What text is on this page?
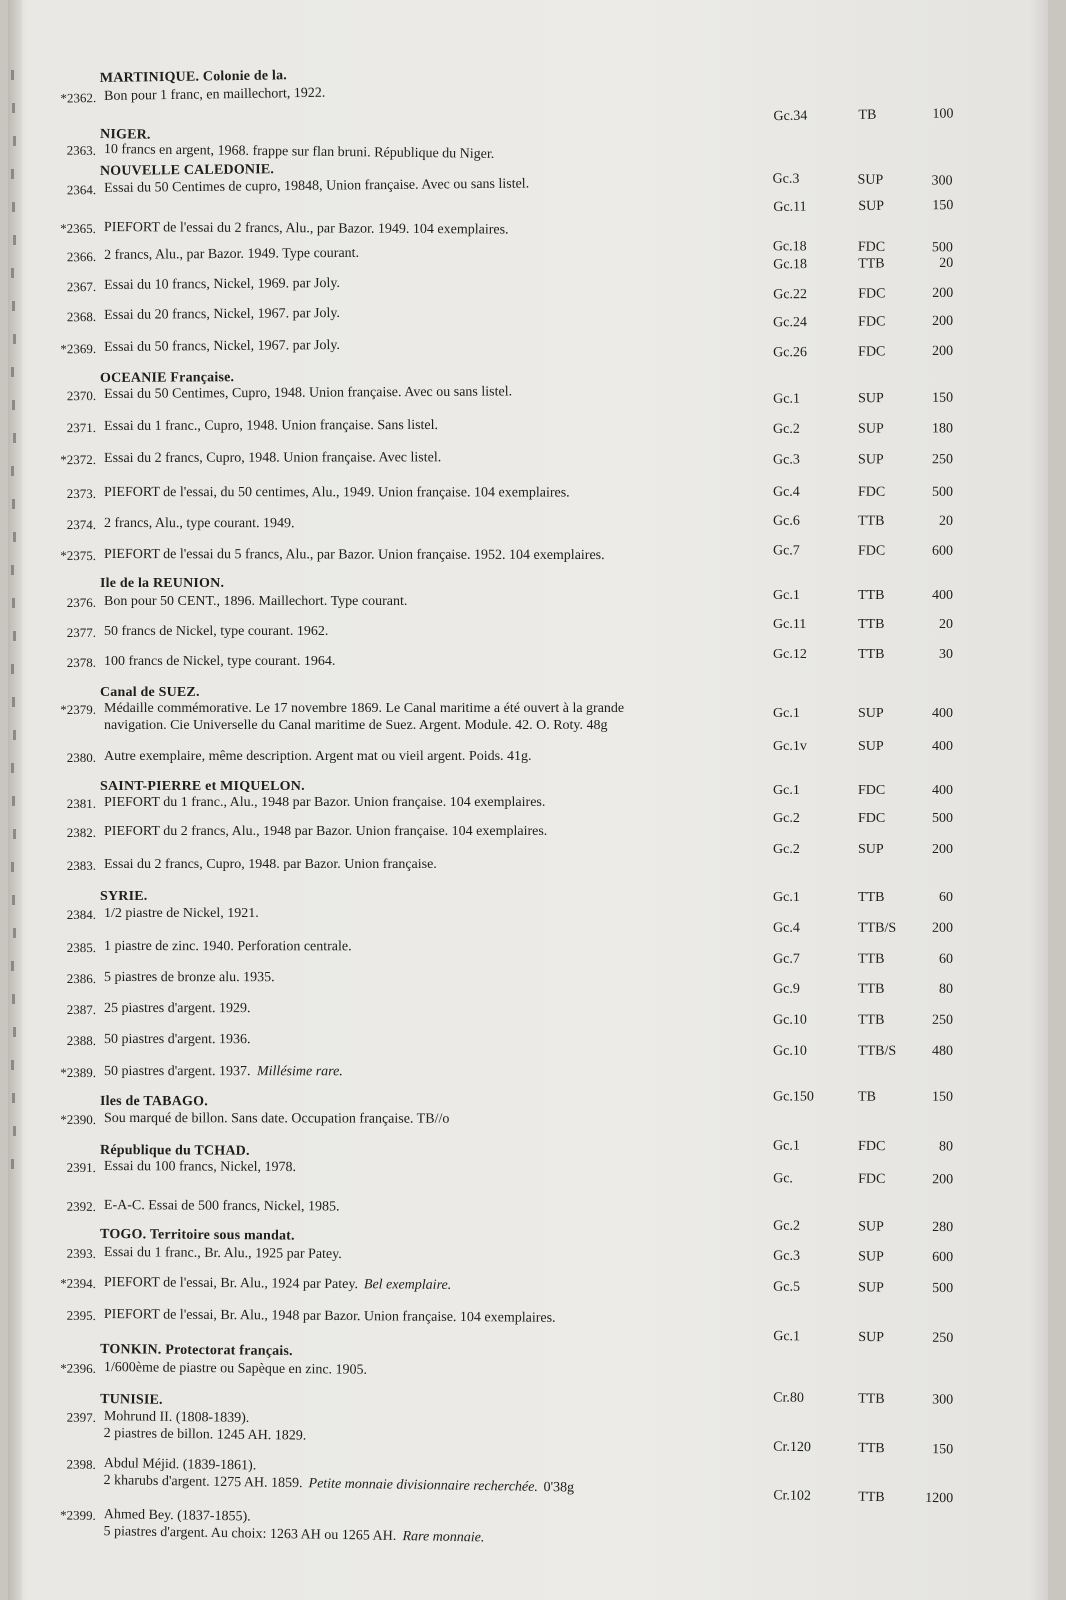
MARTINIQUE. Colonie de la.
*2362. Bon pour 1 franc, en maillechort, 1922.
Gc.34	TB	100
NIGER.
2363. 10 francs en argent, 1968. frappe sur flan bruni. République du Niger.
Gc.3	SUP	300
NOUVELLE CALEDONIE.
2364. Essai du 50 Centimes de cupro, 19848, Union française. Avec ou sans listel.
Gc.11	SUP	150
*2365. PIEFORT de l'essai du 2 francs, Alu., par Bazor. 1949. 104 exemplaires.
Gc.18	FDC	500
2366. 2 francs, Alu., par Bazor. 1949. Type courant.
Gc.18	TTB	20
2367. Essai du 10 francs, Nickel, 1969. par Joly.
Gc.22	FDC	200
2368. Essai du 20 francs, Nickel, 1967. par Joly.	Gc.24	FDC	200
*2369. Essai du 50 francs, Nickel, 1967. par Joly.	Gc.26	FDC	200
OCEANIE Française.
2370. Essai du 50 Centimes, Cupro, 1948. Union française. Avec ou sans listel.	Gc.1	SUP	150
2371. Essai du 1 franc., Cupro, 1948. Union française. Sans listel.	Gc.2	SUP	180
*2372. Essai du 2 francs, Cupro, 1948. Union française. Avec listel.	Gc.3	SUP	250
2373. PIEFORT de l'essai, du 50 centimes, Alu., 1949. Union française. 104 exemplaires.	Gc.4	FDC	500
2374. 2 francs, Alu., type courant. 1949.	Gc.6	TTB	20
*2375. PIEFORT de l'essai du 5 francs, Alu., par Bazor. Union française. 1952. 104 exemplaires.	Gc.7	FDC	600
Ile de la REUNION.
2376. Bon pour 50 CENT., 1896. Maillechort. Type courant.	Gc.1	TTB	400
2377. 50 francs de Nickel, type courant. 1962.	Gc.11	TTB	20
2378. 100 francs de Nickel, type courant. 1964.	Gc.12	TTB	30
Canal de SUEZ.
*2379. Médaille commémorative. Le 17 novembre 1869. Le Canal maritime a été ouvert à la grande
navigation. Cie Universelle du Canal maritime de Suez. Argent. Module. 42. O. Roty. 48g
Gc.1	SUP	400
2380. Autre exemplaire, même description. Argent mat ou vieil argent. Poids. 41g.
Gc.1v	SUP	400
SAINT-PIERRE et MIQUELON.
2381. PIEFORT du 1 franc., Alu., 1948 par Bazor. Union française. 104 exemplaires.
Gc.1	FDC	400
2382. PIEFORT du 2 francs, Alu., 1948 par Bazor. Union française. 104 exemplaires.
Gc.2	FDC	500
2383. Essai du 2 francs, Cupro, 1948. par Bazor. Union française.
Gc.2	SUP	200
SYRIE.
2384. 1/2 piastre de Nickel, 1921.
Gc.1	TTB	60
2385. 1 piastre de zinc. 1940. Perforation centrale.
Gc.4	TTB/S	200
2386. 5 piastres de bronze alu. 1935.
Gc.7	TTB	60
2387. 25 piastres d'argent. 1929.
Gc.9	TTB	80
2388. 50 piastres d'argent. 1936.
Gc.10	TTB	250
*2389. 50 piastres d'argent. 1937. Millésime rare.
Gc.10	TTB/S	480
Iles de TABAGO.
*2390. Sou marqué de billon. Sans date. Occupation française. TB//o
Gc.150	TB	150
République du TCHAD.
2391. Essai du 100 francs, Nickel, 1978.
Gc.1	FDC	80
2392. E-A-C. Essai de 500 francs, Nickel, 1985.
Gc.	FDC	200
TOGO. Territoire sous mandat.
2393. Essai du 1 franc., Br. Alu., 1925 par Patey.
Gc.2	SUP	280
*2394. PIEFORT de l'essai, Br. Alu., 1924 par Patey. Bel exemplaire.
Gc.3	SUP	600
2395. PIEFORT de l'essai, Br. Alu., 1948 par Bazor. Union française. 104 exemplaires.
Gc.5	SUP	500
TONKIN. Protectorat français.
*2396. 1/600ème de piastre ou Sapèque en zinc. 1905.
Gc.1	SUP	250
TUNISIE.
2397. Mohrund II. (1808-1839).
2 piastres de billon. 1245 AH. 1829.
Cr.80	TTB	300
2398. Abdul Méjid. (1839-1861).
2 kharubs d'argent. 1275 AH. 1859. Petite monnaie divisionnaire recherchée. 0'38g
Cr.120	TTB	150
*2399. Ahmed Bey. (1837-1855).
5 piastres d'argent. Au choix: 1263 AH ou 1265 AH. Rare monnaie.
Cr.102	TTB	1200
